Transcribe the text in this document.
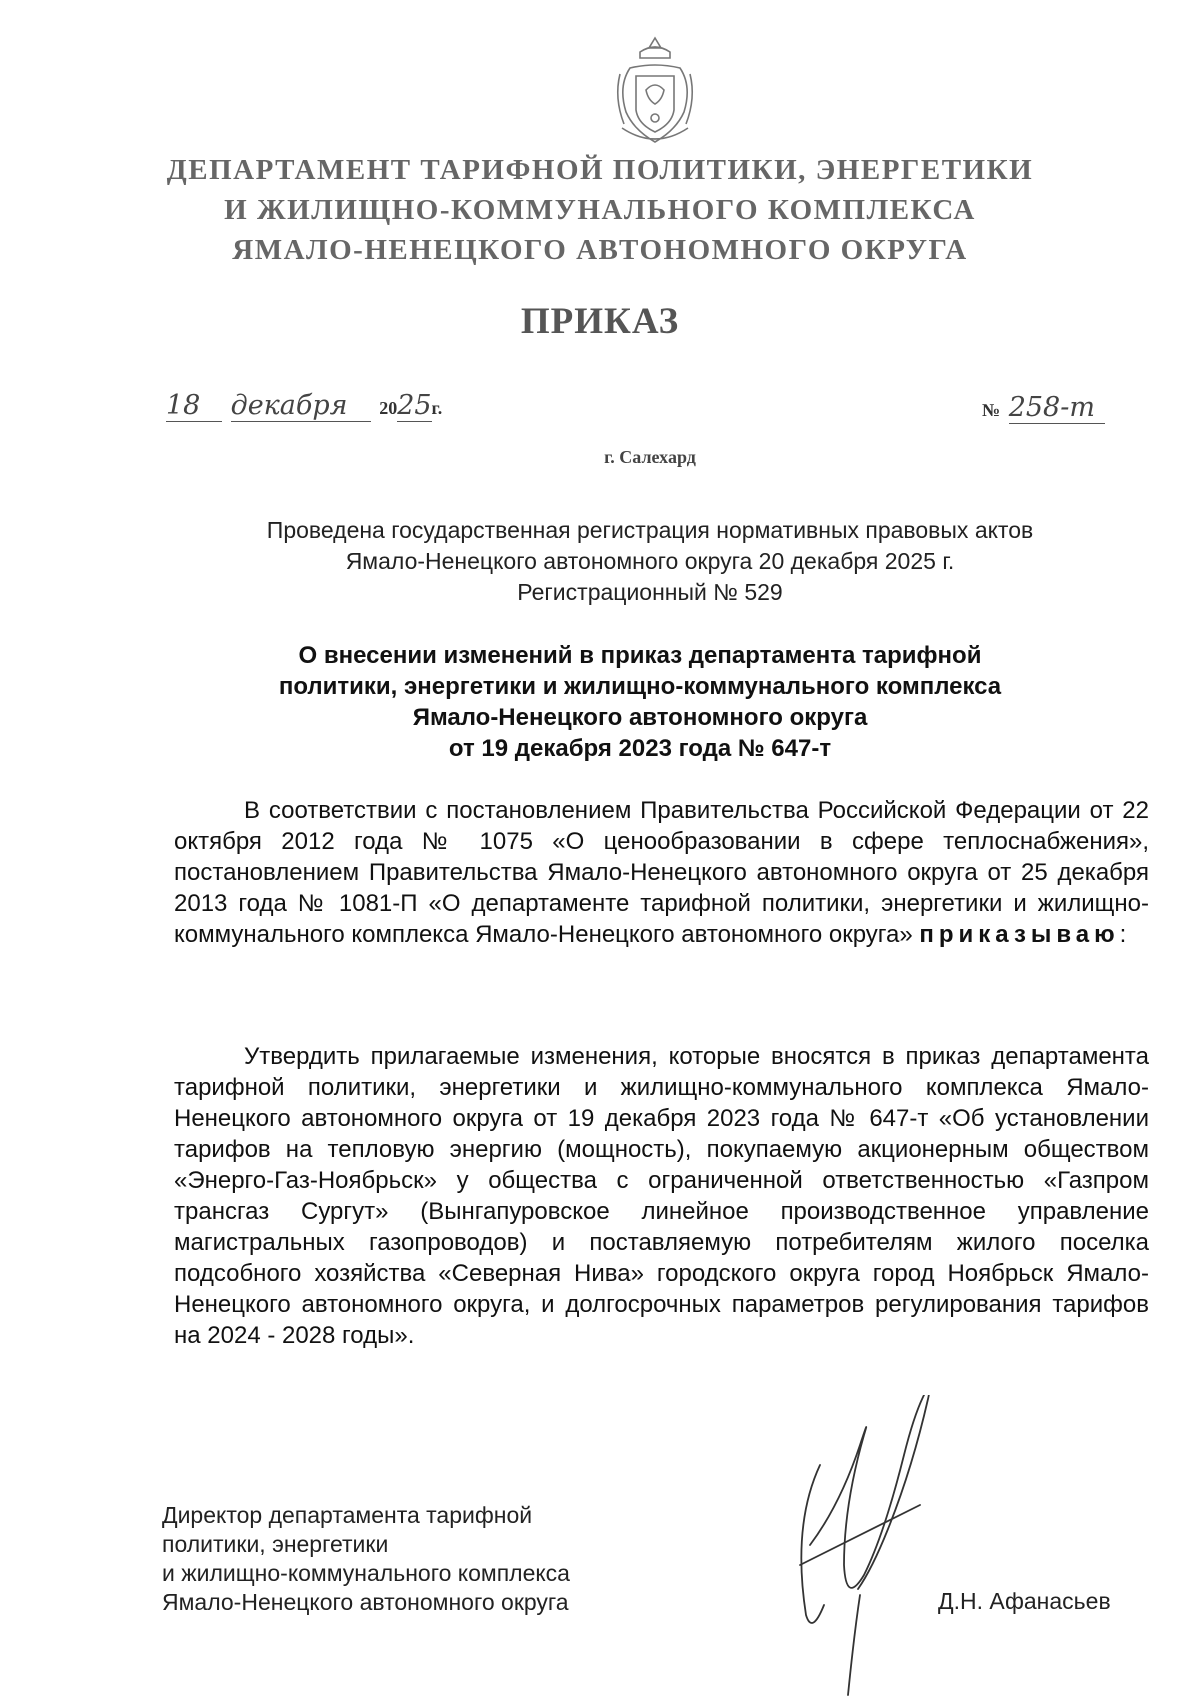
ДЕПАРТАМЕНТ ТАРИФНОЙ ПОЛИТИКИ, ЭНЕРГЕТИКИ
И ЖИЛИЩНО-КОММУНАЛЬНОГО КОМПЛЕКСА
ЯМАЛО-НЕНЕЦКОГО АВТОНОМНОГО ОКРУГА
ПРИКАЗ
18 декабря 2025г.	№ 258-т
г. Салехард
Проведена государственная регистрация нормативных правовых актов
Ямало-Ненецкого автономного округа 20 декабря 2025 г.
Регистрационный № 529
О внесении изменений в приказ департамента тарифной
политики, энергетики и жилищно-коммунального комплекса
Ямало-Ненецкого автономного округа
от 19 декабря 2023 года № 647-т
В соответствии с постановлением Правительства Российской Федерации от 22 октября 2012 года № 1075 «О ценообразовании в сфере теплоснабжения», постановлением Правительства Ямало-Ненецкого автономного округа от 25 декабря 2013 года № 1081-П «О департаменте тарифной политики, энергетики и жилищно-коммунального комплекса Ямало-Ненецкого автономного округа» приказываю:
Утвердить прилагаемые изменения, которые вносятся в приказ департамента тарифной политики, энергетики и жилищно-коммунального комплекса Ямало-Ненецкого автономного округа от 19 декабря 2023 года № 647-т «Об установлении тарифов на тепловую энергию (мощность), покупаемую акционерным обществом «Энерго-Газ-Ноябрьск» у общества с ограниченной ответственностью «Газпром трансгаз Сургут» (Вынгапуровское линейное производственное управление магистральных газопроводов) и поставляемую потребителям жилого поселка подсобного хозяйства «Северная Нива» городского округа город Ноябрьск Ямало-Ненецкого автономного округа, и долгосрочных параметров регулирования тарифов на 2024 - 2028 годы».
Директор департамента тарифной
политики, энергетики
и жилищно-коммунального комплекса
Ямало-Ненецкого автономного округа	Д.Н. Афанасьев
